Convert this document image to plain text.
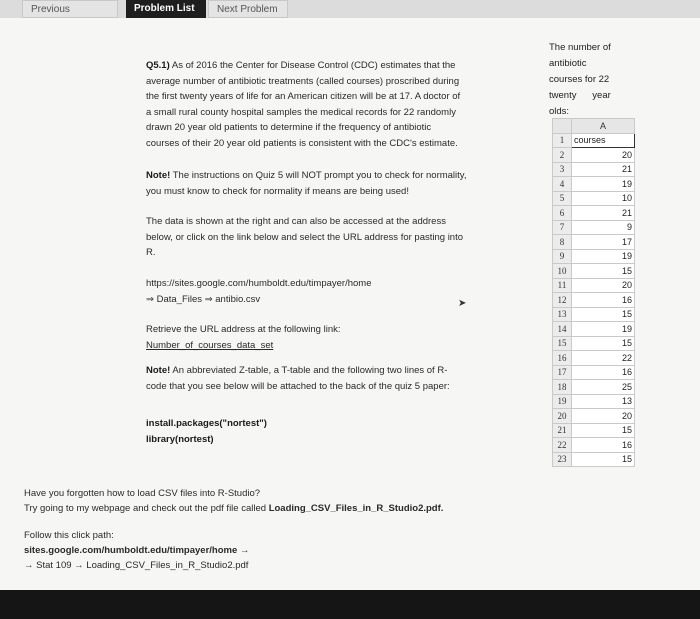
Previous	Problem List	Next Problem
Q5.1) As of 2016 the Center for Disease Control (CDC) estimates that the
average number of antibiotic treatments (called courses) proscribed during
the first twenty years of life for an American citizen will be at 17. A doctor of
a small rural county hospital samples the medical records for 22 randomly
drawn 20 year old patients to determine if the frequency of antibiotic
courses of their 20 year old patients is consistent with the CDC's estimate.
Note! The instructions on Quiz 5 will NOT prompt you to check for normality,
you must know to check for normality if means are being used!
The data is shown at the right and can also be accessed at the address
below, or click on the link below and select the URL address for pasting into
R.
https://sites.google.com/humboldt.edu/timpayer/home
⇒ Data_Files ⇒ antibio.csv	➤
Retrieve the URL address at the following link:
Number_of_courses_data_set
Note! An abbreviated Z-table, a T-table and the following two lines of R-
code that you see below will be attached to the back of the quiz 5 paper:
install.packages("nortest")
library(nortest)
Have you forgotten how to load CSV files into R-Studio?
Try going to my webpage and check out the pdf file called Loading_CSV_Files_in_R_Studio2.pdf.
Follow this click path:
sites.google.com/humboldt.edu/timpayer/home →
→ Stat 109 → Loading_CSV_Files_in_R_Studio2.pdf
The number of
antibiotic
courses for 22
twenty      year
olds:
	A
1	courses
2	20
3	21
4	19
5	10
6	21
7	9
8	17
9	19
10	15
11	20
12	16
13	15
14	19
15	15
16	22
17	16
18	25
19	13
20	20
21	15
22	16
23	15
